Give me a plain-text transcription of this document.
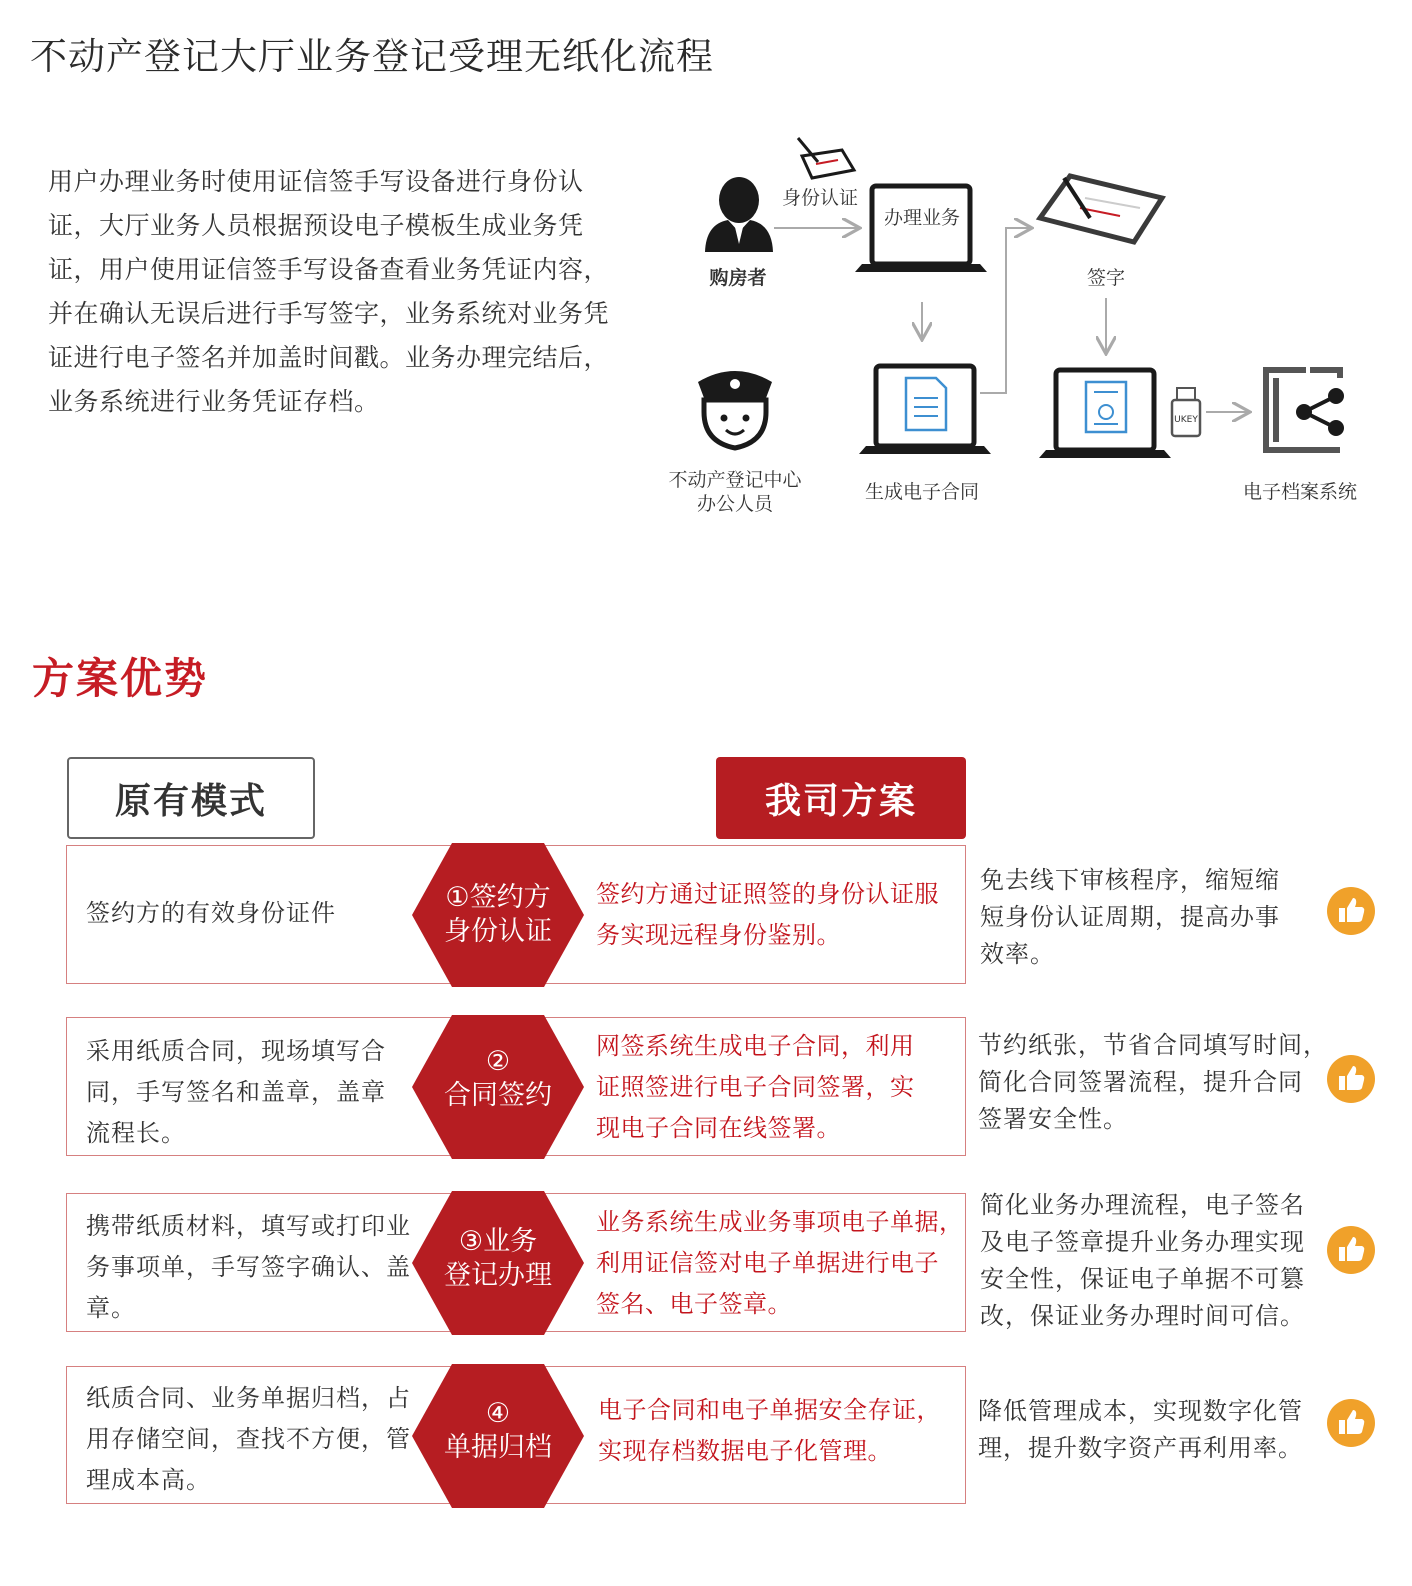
不动产登记大厅业务登记受理无纸化流程
用户办理业务时使用证信签手写设备进行身份认证，大厅业务人员根据预设电子模板生成业务凭证，用户使用证信签手写设备查看业务凭证内容，并在确认无误后进行手写签字，业务系统对业务凭证进行电子签名并加盖时间戳。业务办理完结后，业务系统进行业务凭证存档。
购房者
身份认证
办理业务
签字
不动产登记中心
办公人员
生成电子合同
UKEY
电子档案系统
方案优势
原有模式	我司方案
签约方的有效身份证件	①签约方
身份认证
签约方通过证照签的身份认证服
务实现远程身份鉴别。
免去线下审核程序，缩短缩
短身份认证周期，提高办事
效率。
采用纸质合同，现场填写合
同，手写签名和盖章，盖章
流程长。
②
合同签约
网签系统生成电子合同，利用
证照签进行电子合同签署，实
现电子合同在线签署。
节约纸张，节省合同填写时间，
简化合同签署流程，提升合同
签署安全性。
携带纸质材料，填写或打印业
务事项单，手写签字确认、盖
章。
③业务
登记办理
业务系统生成业务事项电子单据，
利用证信签对电子单据进行电子
签名、电子签章。
简化业务办理流程，电子签名
及电子签章提升业务办理实现
安全性，保证电子单据不可篡
改，保证业务办理时间可信。
纸质合同、业务单据归档，占
用存储空间，查找不方便，管
理成本高。
④
单据归档
电子合同和电子单据安全存证，
实现存档数据电子化管理。
降低管理成本，实现数字化管
理，提升数字资产再利用率。
